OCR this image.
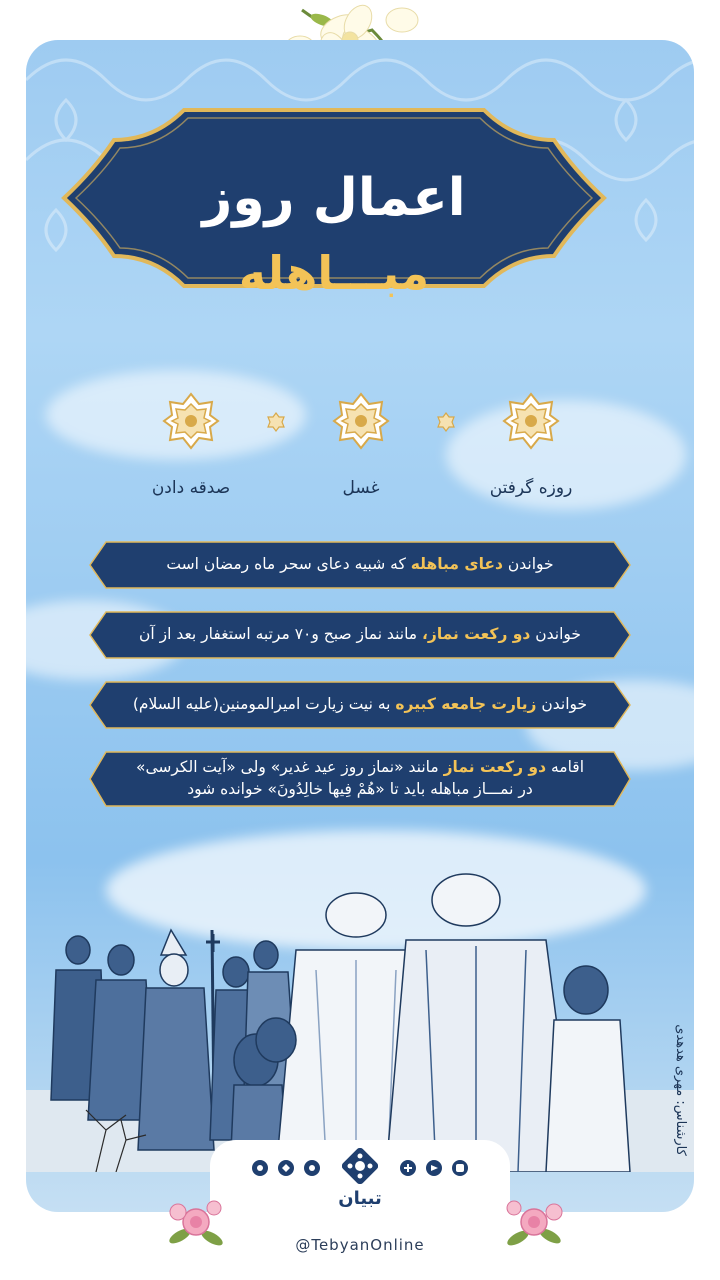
اعمال روز
مبـــاهله
روزه گرفتن
غسل
صدقه دادن
خواندن دعای مباهله که شبیه دعای سحر ماه رمضان است
خواندن دو رکعت نماز، مانند نماز صبح و۷۰ مرتبه استغفار بعد از آن
خواندن زیارت جامعه کبیره به نیت زیارت امیرالمومنین(علیه السلام)
اقامه دو رکعت نماز مانند «نماز روز عید غدیر» ولی «آیت الکرسی»
در نمـــاز مباهله باید تا «هُمْ فِیها خالِدُونَ» خوانده شود
کارشناس: مهری هدهدی
تبیان
@TebyanOnline
